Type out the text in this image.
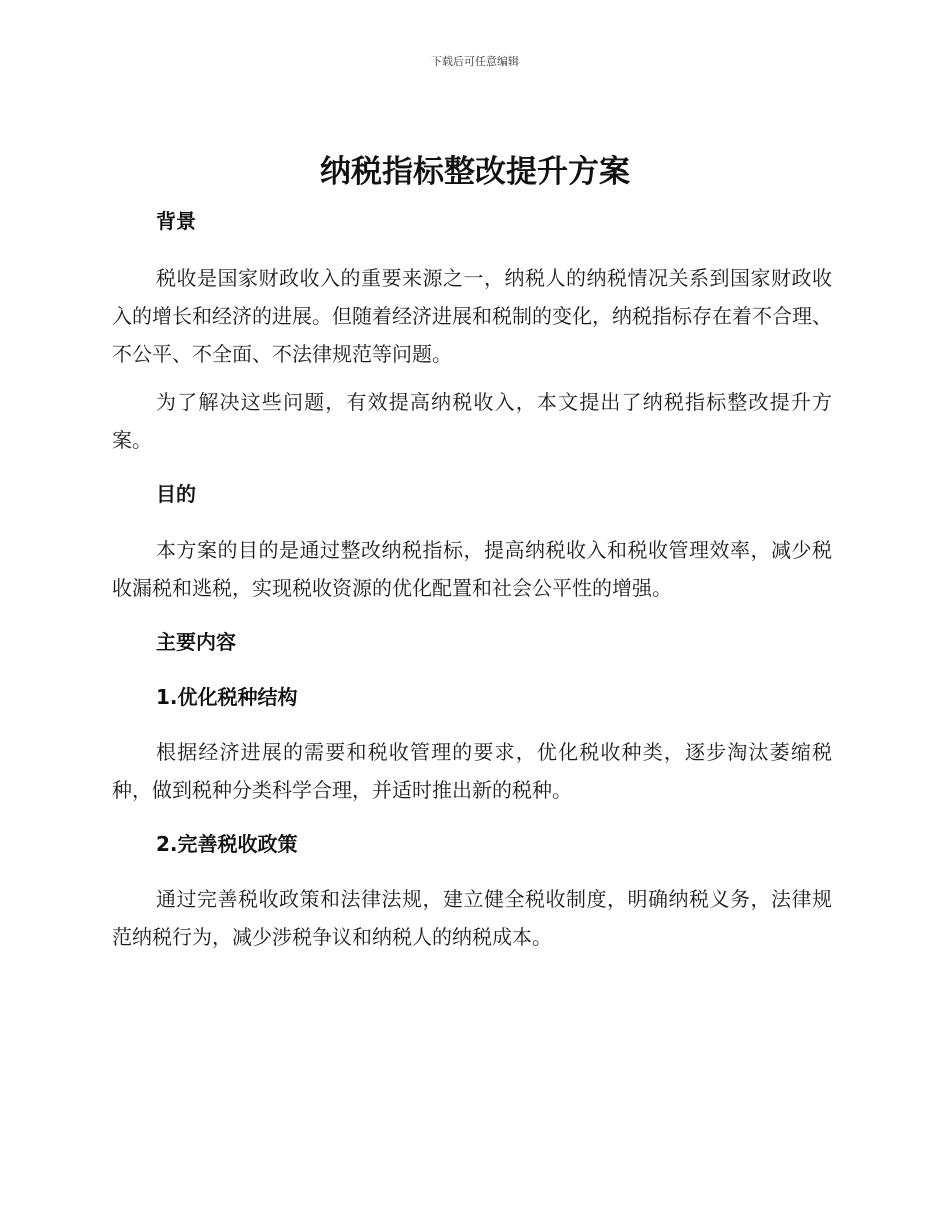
下载后可任意编辑
纳税指标整改提升方案

背景

税收是国家财政收入的重要来源之一，纳税人的纳税情况关系到国家财政收入的增长和经济的进展。但随着经济进展和税制的变化，纳税指标存在着不合理、不公平、不全面、不法律规范等问题。

为了解决这些问题，有效提高纳税收入，本文提出了纳税指标整改提升方案。

目的

本方案的目的是通过整改纳税指标，提高纳税收入和税收管理效率，减少税收漏税和逃税，实现税收资源的优化配置和社会公平性的增强。

主要内容

1.优化税种结构

根据经济进展的需要和税收管理的要求，优化税收种类，逐步淘汰萎缩税种，做到税种分类科学合理，并适时推出新的税种。

2.完善税收政策

通过完善税收政策和法律法规，建立健全税收制度，明确纳税义务，法律规范纳税行为，减少涉税争议和纳税人的纳税成本。
